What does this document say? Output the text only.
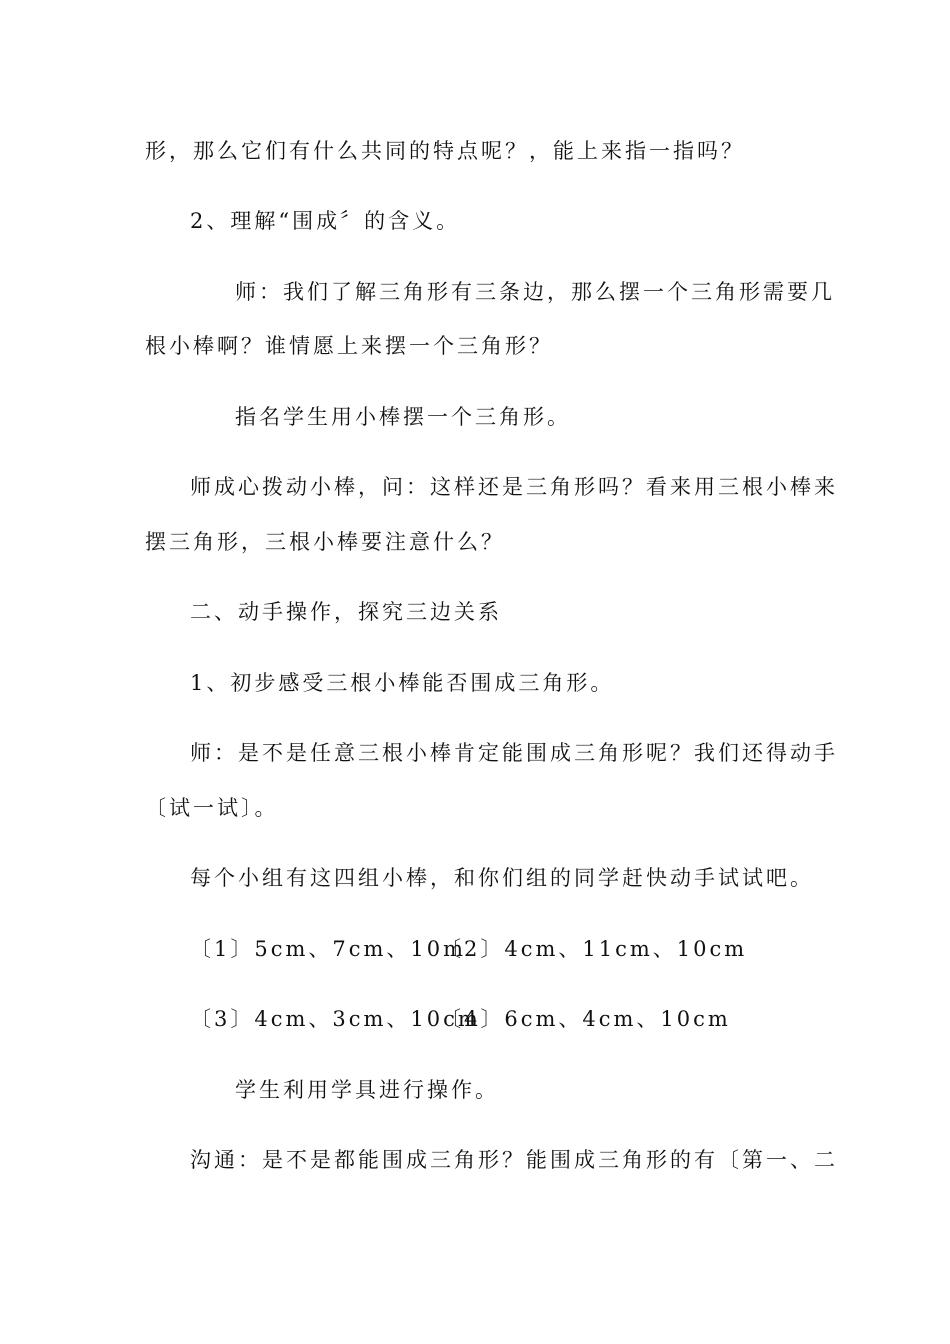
形，那么它们有什么共同的特点呢？，能上来指一指吗？
2、理解“围成〞的含义。
师：我们了解三角形有三条边，那么摆一个三角形需要几
根小棒啊？谁情愿上来摆一个三角形？
指名学生用小棒摆一个三角形。
师成心拨动小棒，问：这样还是三角形吗？看来用三根小棒来
摆三角形，三根小棒要注意什么？
二、动手操作，探究三边关系
1、初步感受三根小棒能否围成三角形。
师：是不是任意三根小棒肯定能围成三角形呢？我们还得动手
〔试一试〕。
每个小组有这四组小棒，和你们组的同学赶快动手试试吧。
〔1〕5cm、7cm、10m〔2〕4cm、11cm、10cm
〔3〕4cm、3cm、10cm〔4〕6cm、4cm、10cm
学生利用学具进行操作。
沟通：是不是都能围成三角形？能围成三角形的有〔第一、二
